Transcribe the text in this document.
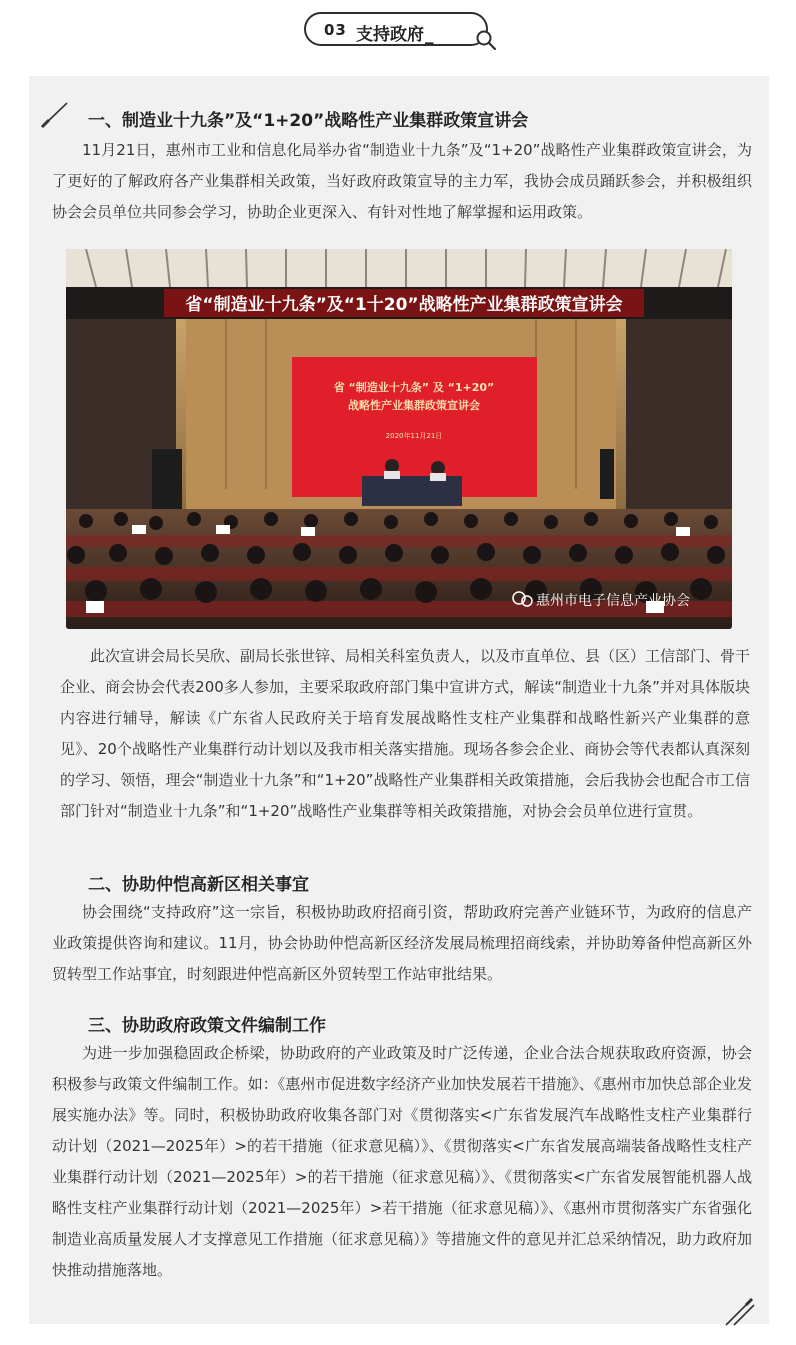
03 支持政府 _
一、制造业十九条”及“1+20”战略性产业集群政策宣讲会

11月21日，惠州市工业和信息化局举办省“制造业十九条”及“1+20”战略性产业集群政策宣讲会，为了更好的了解政府各产业集群相关政策，当好政府政策宣导的主力军，我协会成员踊跃参会，并积极组织协会会员单位共同参会学习，协助企业更深入、有针对性地了解掌握和运用政策。

省“制造业十九条”及“1十20”战略性产业集群政策宣讲会
省 “制造业十九条” 及 “1+20”
战略性产业集群政策宣讲会
2020年11月21日
惠州市电子信息产业协会

此次宣讲会局长吴欣、副局长张世锌、局相关科室负责人，以及市直单位、县（区）工信部门、骨干企业、商会协会代表200多人参加，主要采取政府部门集中宣讲方式，解读“制造业十九条”并对具体版块内容进行辅导，解读《广东省人民政府关于培育发展战略性支柱产业集群和战略性新兴产业集群的意见》、20个战略性产业集群行动计划以及我市相关落实措施。现场各参会企业、商协会等代表都认真深刻的学习、领悟，理会“制造业十九条”和“1+20”战略性产业集群相关政策措施，会后我协会也配合市工信部门针对“制造业十九条”和“1+20”战略性产业集群等相关政策措施，对协会会员单位进行宣贯。

二、协助仲恺高新区相关事宜

协会围绕“支持政府”这一宗旨，积极协助政府招商引资，帮助政府完善产业链环节，为政府的信息产业政策提供咨询和建议。11月，协会协助仲恺高新区经济发展局梳理招商线索，并协助筹备仲恺高新区外贸转型工作站事宜，时刻跟进仲恺高新区外贸转型工作站审批结果。

三、协助政府政策文件编制工作

为进一步加强稳固政企桥梁，协助政府的产业政策及时广泛传递，企业合法合规获取政府资源，协会积极参与政策文件编制工作。如：《惠州市促进数字经济产业加快发展若干措施》、《惠州市加快总部企业发展实施办法》等。同时，积极协助政府收集各部门对《贯彻落实<广东省发展汽车战略性支柱产业集群行动计划（2021—2025年）>的若干措施（征求意见稿）》、《贯彻落实<广东省发展高端装备战略性支柱产业集群行动计划（2021—2025年）>的若干措施（征求意见稿）》、《贯彻落实<广东省发展智能机器人战略性支柱产业集群行动计划（2021—2025年）>若干措施（征求意见稿）》、《惠州市贯彻落实广东省强化制造业高质量发展人才支撑意见工作措施（征求意见稿）》等措施文件的意见并汇总采纳情况，助力政府加快推动措施落地。
